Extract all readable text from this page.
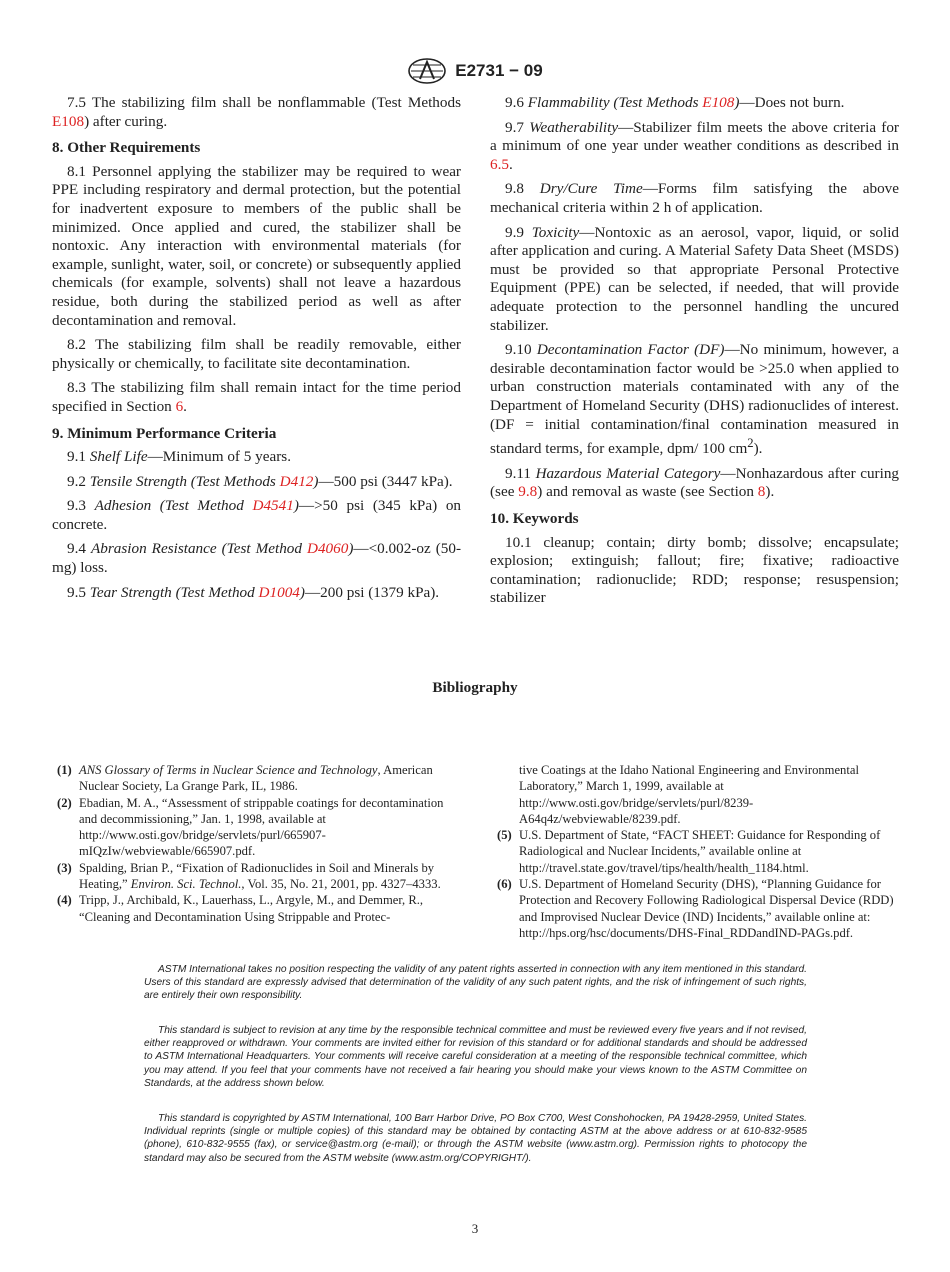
E2731 − 09

7.5 The stabilizing film shall be nonflammable (Test Methods E108) after curing.

8. Other Requirements

8.1 Personnel applying the stabilizer may be required to wear PPE including respiratory and dermal protection, but the potential for inadvertent exposure to members of the public shall be minimized. Once applied and cured, the stabilizer shall be nontoxic. Any interaction with environmental materials (for example, sunlight, water, soil, or concrete) or subsequently applied chemicals (for example, solvents) shall not leave a hazardous residue, both during the stabilized period as well as after decontamination and removal.

8.2 The stabilizing film shall be readily removable, either physically or chemically, to facilitate site decontamination.

8.3 The stabilizing film shall remain intact for the time period specified in Section 6.

9. Minimum Performance Criteria

9.1 Shelf Life—Minimum of 5 years.

9.2 Tensile Strength (Test Methods D412)—500 psi (3447 kPa).

9.3 Adhesion (Test Method D4541)—>50 psi (345 kPa) on concrete.

9.4 Abrasion Resistance (Test Method D4060)—<0.002-oz (50-mg) loss.

9.5 Tear Strength (Test Method D1004)—200 psi (1379 kPa).

9.6 Flammability (Test Methods E108)—Does not burn.

9.7 Weatherability—Stabilizer film meets the above criteria for a minimum of one year under weather conditions as described in 6.5.

9.8 Dry/Cure Time—Forms film satisfying the above mechanical criteria within 2 h of application.

9.9 Toxicity—Nontoxic as an aerosol, vapor, liquid, or solid after application and curing. A Material Safety Data Sheet (MSDS) must be provided so that appropriate Personal Protective Equipment (PPE) can be selected, if needed, that will provide adequate protection to the personnel handling the uncured stabilizer.

9.10 Decontamination Factor (DF)—No minimum, however, a desirable decontamination factor would be >25.0 when applied to urban construction materials contaminated with any of the Department of Homeland Security (DHS) radionuclides of interest. (DF = initial contamination/final contamination measured in standard terms, for example, dpm/ 100 $cm^2$).

9.11 Hazardous Material Category—Nonhazardous after curing (see 9.8) and removal as waste (see Section 8).

10. Keywords

10.1 cleanup; contain; dirty bomb; dissolve; encapsulate; explosion; extinguish; fallout; fire; fixative; radioactive contamination; radionuclide; RDD; response; resuspension; stabilizer

Bibliography
(1) ANS Glossary of Terms in Nuclear Science and Technology, American Nuclear Society, La Grange Park, IL, 1986.
(2) Ebadian, M. A., “Assessment of strippable coatings for decontamination and decommissioning,” Jan. 1, 1998, available at http://www.osti.gov/bridge/servlets/purl/665907-mIQzIw/webviewable/665907.pdf.
(3) Spalding, Brian P., “Fixation of Radionuclides in Soil and Minerals by Heating,” Environ. Sci. Technol., Vol. 35, No. 21, 2001, pp. 4327–4333.
(4) Tripp, J., Archibald, K., Lauerhass, L., Argyle, M., and Demmer, R., “Cleaning and Decontamination Using Strippable and Protec-
tive Coatings at the Idaho National Engineering and Environmental Laboratory,” March 1, 1999, available at http://www.osti.gov/bridge/servlets/purl/8239-A64q4z/webviewable/8239.pdf.
(5) U.S. Department of State, “FACT SHEET: Guidance for Responding of Radiological and Nuclear Incidents,” available online at http://travel.state.gov/travel/tips/health/health_1184.html.
(6) U.S. Department of Homeland Security (DHS), “Planning Guidance for Protection and Recovery Following Radiological Dispersal Device (RDD) and Improvised Nuclear Device (IND) Incidents,” available online at: http://hps.org/hsc/documents/DHS-Final_RDDandIND-PAGs.pdf.

ASTM International takes no position respecting the validity of any patent rights asserted in connection with any item mentioned in this standard. Users of this standard are expressly advised that determination of the validity of any such patent rights, and the risk of infringement of such rights, are entirely their own responsibility.

This standard is subject to revision at any time by the responsible technical committee and must be reviewed every five years and if not revised, either reapproved or withdrawn. Your comments are invited either for revision of this standard or for additional standards and should be addressed to ASTM International Headquarters. Your comments will receive careful consideration at a meeting of the responsible technical committee, which you may attend. If you feel that your comments have not received a fair hearing you should make your views known to the ASTM Committee on Standards, at the address shown below.

This standard is copyrighted by ASTM International, 100 Barr Harbor Drive, PO Box C700, West Conshohocken, PA 19428-2959, United States. Individual reprints (single or multiple copies) of this standard may be obtained by contacting ASTM at the above address or at 610-832-9585 (phone), 610-832-9555 (fax), or service@astm.org (e-mail); or through the ASTM website (www.astm.org). Permission rights to photocopy the standard may also be secured from the ASTM website (www.astm.org/COPYRIGHT/).

3
